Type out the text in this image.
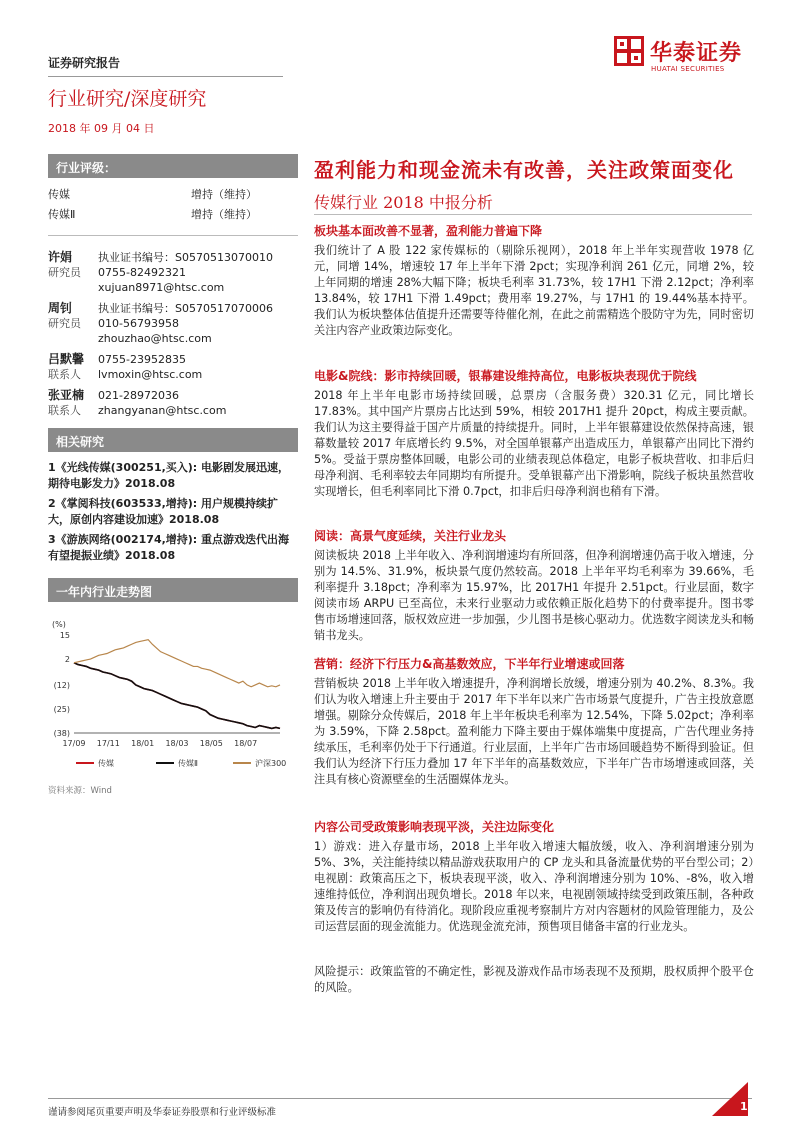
证券研究报告
行业研究/深度研究
2018 年 09 月 04 日
华泰证券
HUATAI SECURITIES
行业评级：
传媒	增持（维持）
传媒Ⅱ	增持（维持）
许娟
研究员
执业证书编号：S0570513070010
0755-82492321
xujuan8971@htsc.com
周钊
研究员
执业证书编号：S0570517070006
010-56793958
zhouzhao@htsc.com
吕默馨
联系人
0755-23952835
lvmoxin@htsc.com
张亚楠
联系人
021-28972036
zhangyanan@htsc.com
相关研究
1《光线传媒(300251,买入): 电影剧发展迅速，期待电影发力》2018.08
2《掌阅科技(603533,增持): 用户规模持续扩大，原创内容建设加速》2018.08
3《游族网络(002174,增持): 重点游戏迭代出海有望提振业绩》2018.08
一年内行业走势图
(%)
15
2
(12)
(25)
(38)
17/09 17/11 18/01 18/03 18/05 18/07
传媒	传媒Ⅱ	沪深300
资料来源：Wind
盈利能力和现金流未有改善，关注政策面变化
传媒行业 2018 中报分析
板块基本面改善不显著，盈利能力普遍下降

我们统计了 A 股 122 家传媒标的（剔除乐视网），2018 年上半年实现营收 1978 亿元，同增 14%，增速较 17 年上半年下滑 2pct；实现净利润 261 亿元，同增 2%，较上年同期的增速 28%大幅下降；板块毛利率 31.73%，较 17H1 下滑 2.12pct；净利率 13.84%，较 17H1 下滑 1.49pct；费用率 19.27%，与 17H1 的 19.44%基本持平。我们认为板块整体估值提升还需要等待催化剂，在此之前需精选个股防守为先，同时密切关注内容产业政策边际变化。

电影&院线：影市持续回暖，银幕建设维持高位，电影板块表现优于院线

2018 年上半年电影市场持续回暖，总票房（含服务费）320.31 亿元，同比增长 17.83%。其中国产片票房占比达到 59%，相较 2017H1 提升 20pct，构成主要贡献。我们认为这主要得益于国产片质量的持续提升。同时，上半年银幕建设依然保持高速，银幕数量较 2017 年底增长约 9.5%，对全国单银幕产出造成压力，单银幕产出同比下滑约 5%。受益于票房整体回暖，电影公司的业绩表现总体稳定，电影子板块营收、扣非后归母净利润、毛利率较去年同期均有所提升。受单银幕产出下滑影响，院线子板块虽然营收实现增长，但毛利率同比下滑 0.7pct，扣非后归母净利润也稍有下滑。

阅读：高景气度延续，关注行业龙头

阅读板块 2018 上半年收入、净利润增速均有所回落，但净利润增速仍高于收入增速，分别为 14.5%、31.9%，板块景气度仍然较高。2018 上半年平均毛利率为 39.66%，毛利率提升 3.18pct；净利率为 15.97%，比 2017H1 年提升 2.51pct。行业层面，数字阅读市场 ARPU 已至高位，未来行业驱动力或依赖正版化趋势下的付费率提升。图书零售市场增速回落，版权效应进一步加强，少儿图书是核心驱动力。优选数字阅读龙头和畅销书龙头。

营销：经济下行压力&高基数效应，下半年行业增速或回落

营销板块 2018 上半年收入增速提升，净利润增长放缓，增速分别为 40.2%、8.3%。我们认为收入增速上升主要由于 2017 年下半年以来广告市场景气度提升，广告主投放意愿增强。剔除分众传媒后，2018 年上半年板块毛利率为 12.54%，下降 5.02pct；净利率为 3.59%，下降 2.58pct。盈利能力下降主要由于媒体端集中度提高，广告代理业务持续承压，毛利率仍处于下行通道。行业层面，上半年广告市场回暖趋势不断得到验证。但我们认为经济下行压力叠加 17 年下半年的高基数效应，下半年广告市场增速或回落，关注具有核心资源壁垒的生活圈媒体龙头。

内容公司受政策影响表现平淡，关注边际变化

1）游戏：进入存量市场，2018 上半年收入增速大幅放缓，收入、净利润增速分别为 5%、3%，关注能持续以精品游戏获取用户的 CP 龙头和具备流量优势的平台型公司；2）电视剧：政策高压之下，板块表现平淡，收入、净利润增速分别为 10%、-8%，收入增速维持低位，净利润出现负增长。2018 年以来，电视剧领域持续受到政策压制，各种政策及传言的影响仍有待消化。现阶段应重视考察制片方对内容题材的风险管理能力，及公司运营层面的现金流能力。优选现金流充沛，预售项目储备丰富的行业龙头。

风险提示：政策监管的不确定性，影视及游戏作品市场表现不及预期，股权质押个股平仓的风险。

谨请参阅尾页重要声明及华泰证券股票和行业评级标准	1
